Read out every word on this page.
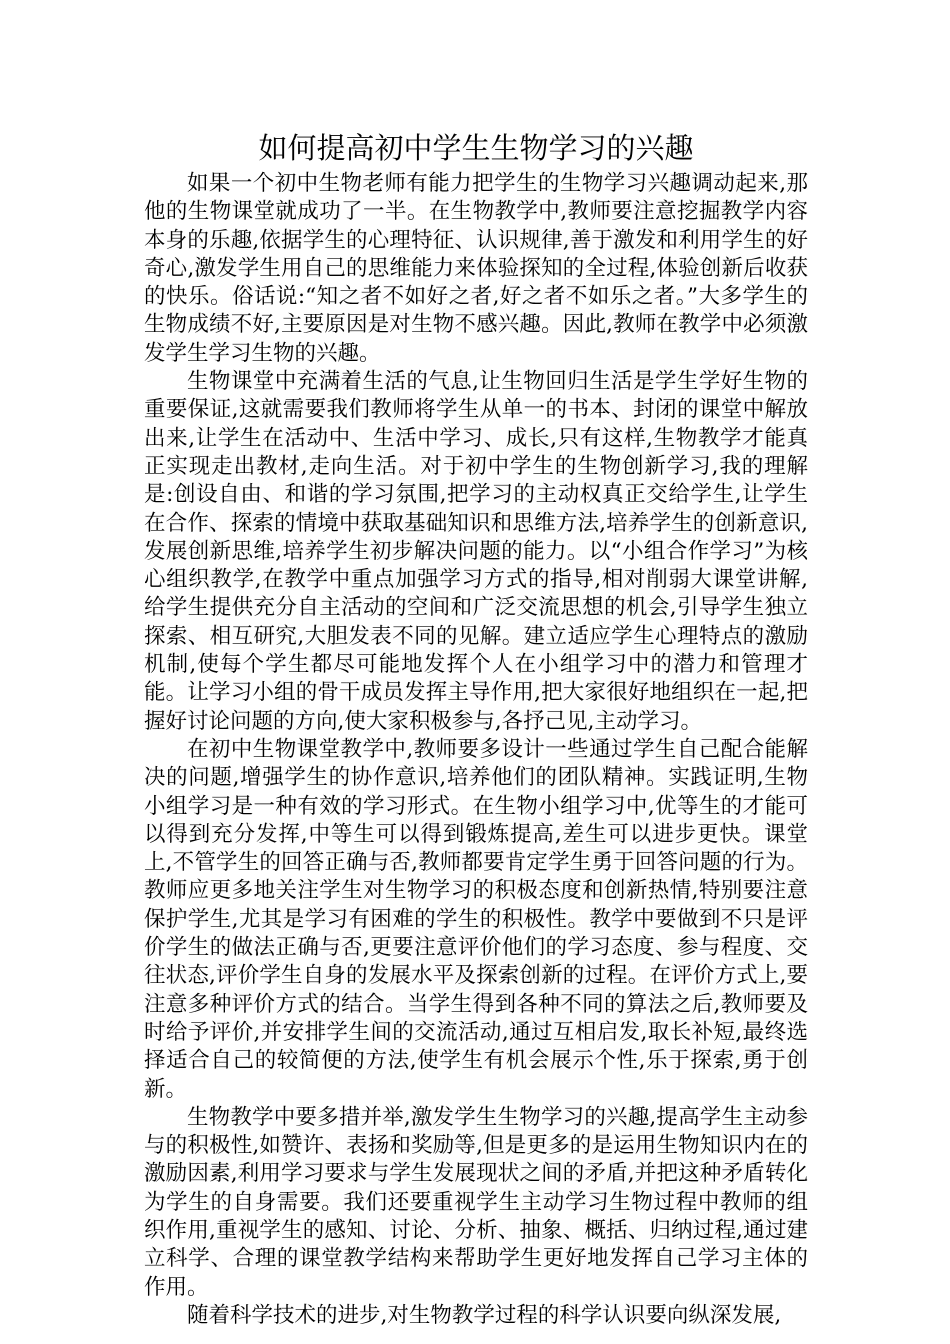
如何提高初中学生生物学习的兴趣

如果一个初中生物老师有能力把学生的生物学习兴趣调动起来,那他的生物课堂就成功了一半。在生物教学中,教师要注意挖掘教学内容本身的乐趣,依据学生的心理特征、认识规律,善于激发和利用学生的好奇心,激发学生用自己的思维能力来体验探知的全过程,体验创新后收获的快乐。俗话说:“知之者不如好之者,好之者不如乐之者。”大多学生的生物成绩不好,主要原因是对生物不感兴趣。因此,教师在教学中必须激发学生学习生物的兴趣。

生物课堂中充满着生活的气息,让生物回归生活是学生学好生物的重要保证,这就需要我们教师将学生从单一的书本、封闭的课堂中解放出来,让学生在活动中、生活中学习、成长,只有这样,生物教学才能真正实现走出教材,走向生活。对于初中学生的生物创新学习,我的理解是:创设自由、和谐的学习氛围,把学习的主动权真正交给学生,让学生在合作、探索的情境中获取基础知识和思维方法,培养学生的创新意识,发展创新思维,培养学生初步解决问题的能力。以“小组合作学习”为核心组织教学,在教学中重点加强学习方式的指导,相对削弱大课堂讲解,给学生提供充分自主活动的空间和广泛交流思想的机会,引导学生独立探索、相互研究,大胆发表不同的见解。建立适应学生心理特点的激励机制,使每个学生都尽可能地发挥个人在小组学习中的潜力和管理才能。让学习小组的骨干成员发挥主导作用,把大家很好地组织在一起,把握好讨论问题的方向,使大家积极参与,各抒己见,主动学习。

在初中生物课堂教学中,教师要多设计一些通过学生自己配合能解决的问题,增强学生的协作意识,培养他们的团队精神。实践证明,生物小组学习是一种有效的学习形式。在生物小组学习中,优等生的才能可以得到充分发挥,中等生可以得到锻炼提高,差生可以进步更快。课堂上,不管学生的回答正确与否,教师都要肯定学生勇于回答问题的行为。教师应更多地关注学生对生物学习的积极态度和创新热情,特别要注意保护学生,尤其是学习有困难的学生的积极性。教学中要做到不只是评价学生的做法正确与否,更要注意评价他们的学习态度、参与程度、交往状态,评价学生自身的发展水平及探索创新的过程。在评价方式上,要注意多种评价方式的结合。当学生得到各种不同的算法之后,教师要及时给予评价,并安排学生间的交流活动,通过互相启发,取长补短,最终选择适合自己的较简便的方法,使学生有机会展示个性,乐于探索,勇于创新。

生物教学中要多措并举,激发学生生物学习的兴趣,提高学生主动参与的积极性,如赞许、表扬和奖励等,但是更多的是运用生物知识内在的激励因素,利用学习要求与学生发展现状之间的矛盾,并把这种矛盾转化为学生的自身需要。我们还要重视学生主动学习生物过程中教师的组织作用,重视学生的感知、讨论、分析、抽象、概括、归纳过程,通过建立科学、合理的课堂教学结构来帮助学生更好地发挥自己学习主体的作用。

随着科学技术的进步,对生物教学过程的科学认识要向纵深发展,
